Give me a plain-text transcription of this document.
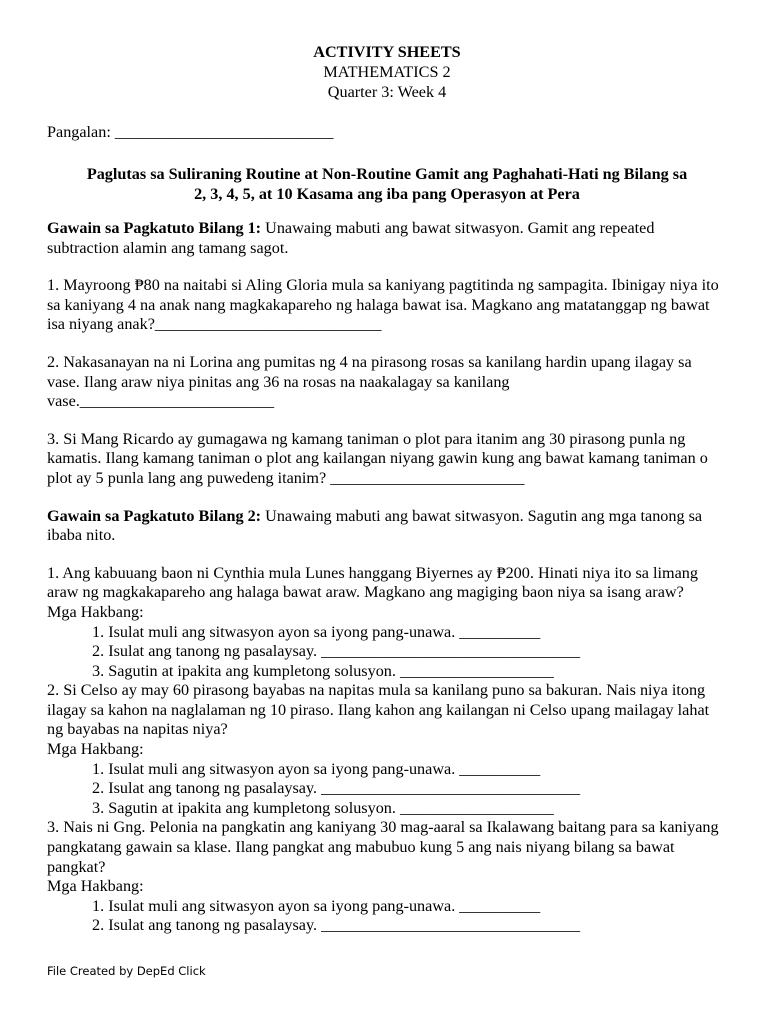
ACTIVITY SHEETS
MATHEMATICS 2
Quarter 3: Week 4
Pangalan: ___________________________
Paglutas sa Suliraning Routine at Non-Routine Gamit ang Paghahati-Hati ng Bilang sa
2, 3, 4, 5, at 10 Kasama ang iba pang Operasyon at Pera
Gawain sa Pagkatuto Bilang 1: Unawaing mabuti ang bawat sitwasyon. Gamit ang repeated subtraction alamin ang tamang sagot.
1. Mayroong ₱80 na naitabi si Aling Gloria mula sa kaniyang pagtitinda ng sampagita. Ibinigay niya ito sa kaniyang 4 na anak nang magkakapareho ng halaga bawat isa. Magkano ang matatanggap ng bawat isa niyang anak?____________________________
2. Nakasanayan na ni Lorina ang pumitas ng 4 na pirasong rosas sa kanilang hardin upang ilagay sa vase. Ilang araw niya pinitas ang 36 na rosas na naakalagay sa kanilang vase.________________________
3. Si Mang Ricardo ay gumagawa ng kamang taniman o plot para itanim ang 30 pirasong punla ng kamatis. Ilang kamang taniman o plot ang kailangan niyang gawin kung ang bawat kamang taniman o plot ay 5 punla lang ang puwedeng itanim? ________________________
Gawain sa Pagkatuto Bilang 2: Unawaing mabuti ang bawat sitwasyon. Sagutin ang mga tanong sa ibaba nito.
1. Ang kabuuang baon ni Cynthia mula Lunes hanggang Biyernes ay ₱200. Hinati niya ito sa limang araw ng magkakapareho ang halaga bawat araw. Magkano ang magiging baon niya sa isang araw?
Mga Hakbang:
1. Isulat muli ang sitwasyon ayon sa iyong pang-unawa. __________
2. Isulat ang tanong ng pasalaysay. ________________________________
3. Sagutin at ipakita ang kumpletong solusyon. ___________________
2. Si Celso ay may 60 pirasong bayabas na napitas mula sa kanilang puno sa bakuran. Nais niya itong ilagay sa kahon na naglalaman ng 10 piraso. Ilang kahon ang kailangan ni Celso upang mailagay lahat ng bayabas na napitas niya?
Mga Hakbang:
1. Isulat muli ang sitwasyon ayon sa iyong pang-unawa. __________
2. Isulat ang tanong ng pasalaysay. ________________________________
3. Sagutin at ipakita ang kumpletong solusyon. ___________________
3. Nais ni Gng. Pelonia na pangkatin ang kaniyang 30 mag-aaral sa Ikalawang baitang para sa kaniyang pangkatang gawain sa klase. Ilang pangkat ang mabubuo kung 5 ang nais niyang bilang sa bawat pangkat?
Mga Hakbang:
1. Isulat muli ang sitwasyon ayon sa iyong pang-unawa. __________
2. Isulat ang tanong ng pasalaysay. ________________________________
File Created by DepEd Click
